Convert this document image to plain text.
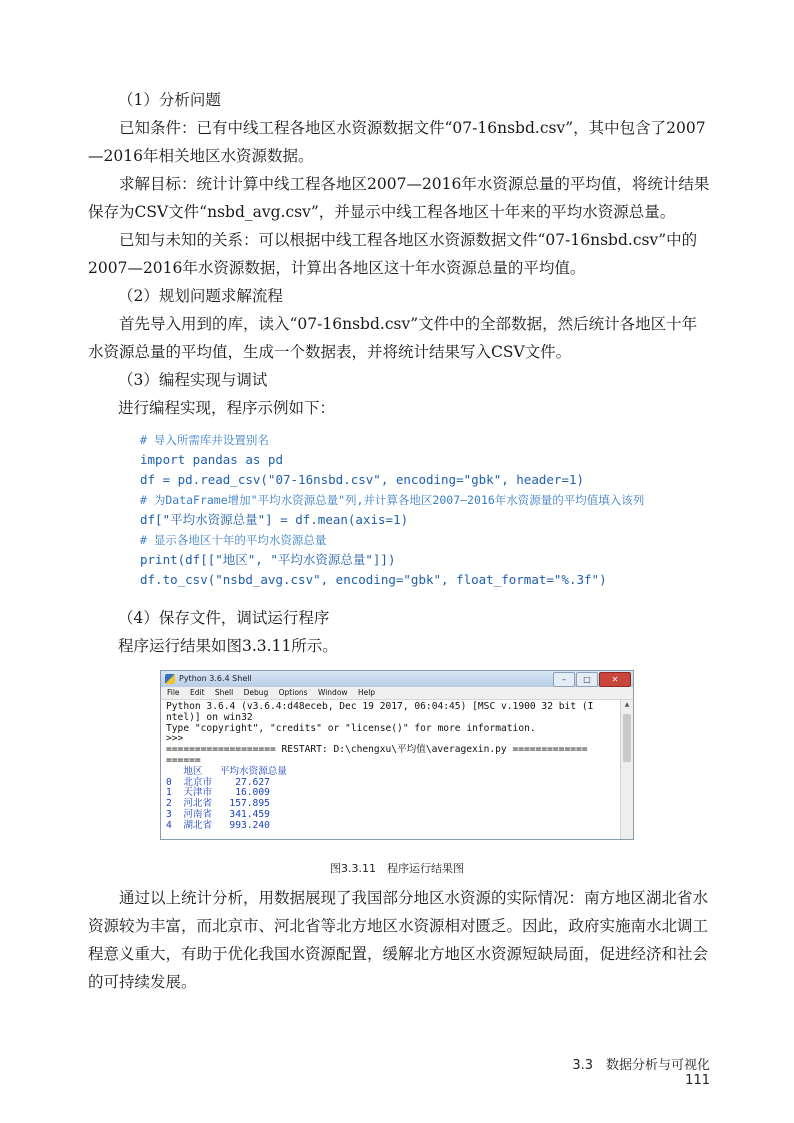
（1）分析问题

已知条件：已有中线工程各地区水资源数据文件“07-16nsbd.csv”，其中包含了2007—2016年相关地区水资源数据。

求解目标：统计计算中线工程各地区2007—2016年水资源总量的平均值，将统计结果保存为CSV文件“nsbd_avg.csv”，并显示中线工程各地区十年来的平均水资源总量。

已知与未知的关系：可以根据中线工程各地区水资源数据文件“07-16nsbd.csv”中的2007—2016年水资源数据，计算出各地区这十年水资源总量的平均值。

（2）规划问题求解流程

首先导入用到的库，读入“07-16nsbd.csv”文件中的全部数据，然后统计各地区十年水资源总量的平均值，生成一个数据表，并将统计结果写入CSV文件。

（3）编程实现与调试

进行编程实现，程序示例如下：

# 导入所需库并设置别名
import pandas as pd
df = pd.read_csv("07-16nsbd.csv", encoding="gbk", header=1)
# 为DataFrame增加"平均水资源总量"列,并计算各地区2007—2016年水资源量的平均值填入该列
df["平均水资源总量"] = df.mean(axis=1)
# 显示各地区十年的平均水资源总量
print(df[["地区", "平均水资源总量"]])
df.to_csv("nsbd_avg.csv", encoding="gbk", float_format="%.3f")

（4）保存文件，调试运行程序

程序运行结果如图3.3.11所示。

Python 3.6.4 Shell	–	□	✕
File Edit Shell Debug Options Window Help
Python 3.6.4 (v3.6.4:d48eceb, Dec 19 2017, 06:04:45) [MSC v.1900 32 bit (I
ntel)] on win32
Type "copyright", "credits" or "license()" for more information.
>>>
=================== RESTART: D:\chengxu\平均值\averagexin.py =============
======
地区   平均水资源总量
0  北京市    27.627
1  天津市    16.009
2  河北省   157.895
3  河南省   341.459
4  湖北省   993.240
▲
图3.3.11　程序运行结果图

通过以上统计分析，用数据展现了我国部分地区水资源的实际情况：南方地区湖北省水资源较为丰富，而北京市、河北省等北方地区水资源相对匮乏。因此，政府实施南水北调工程意义重大，有助于优化我国水资源配置，缓解北方地区水资源短缺局面，促进经济和社会的可持续发展。

3.3　数据分析与可视化　111
